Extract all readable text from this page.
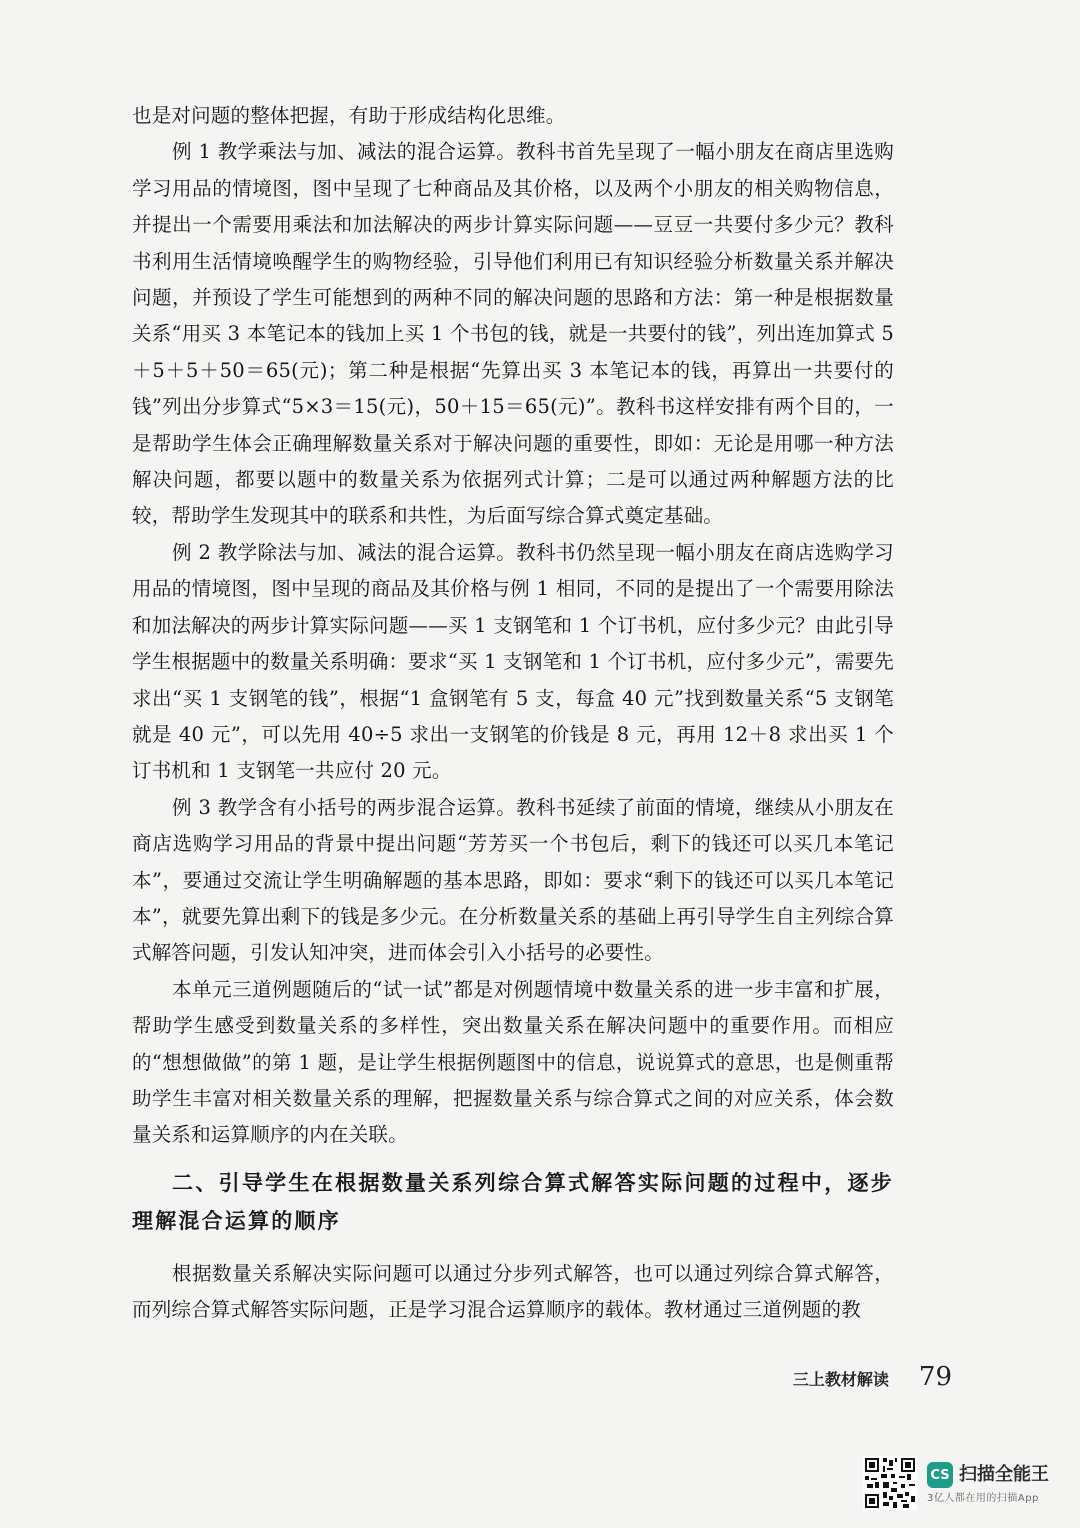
也是对问题的整体把握，有助于形成结构化思维。

例 1 教学乘法与加、减法的混合运算。教科书首先呈现了一幅小朋友在商店里选购学习用品的情境图，图中呈现了七种商品及其价格，以及两个小朋友的相关购物信息，并提出一个需要用乘法和加法解决的两步计算实际问题——豆豆一共要付多少元？教科书利用生活情境唤醒学生的购物经验，引导他们利用已有知识经验分析数量关系并解决问题，并预设了学生可能想到的两种不同的解决问题的思路和方法：第一种是根据数量关系“用买 3 本笔记本的钱加上买 1 个书包的钱，就是一共要付的钱”，列出连加算式 5＋5＋5＋50＝65(元)；第二种是根据“先算出买 3 本笔记本的钱，再算出一共要付的钱”列出分步算式“5×3＝15(元)，50＋15＝65(元)”。教科书这样安排有两个目的，一是帮助学生体会正确理解数量关系对于解决问题的重要性，即如：无论是用哪一种方法解决问题，都要以题中的数量关系为依据列式计算；二是可以通过两种解题方法的比较，帮助学生发现其中的联系和共性，为后面写综合算式奠定基础。

例 2 教学除法与加、减法的混合运算。教科书仍然呈现一幅小朋友在商店选购学习用品的情境图，图中呈现的商品及其价格与例 1 相同，不同的是提出了一个需要用除法和加法解决的两步计算实际问题——买 1 支钢笔和 1 个订书机，应付多少元？由此引导学生根据题中的数量关系明确：要求“买 1 支钢笔和 1 个订书机，应付多少元”，需要先求出“买 1 支钢笔的钱”，根据“1 盒钢笔有 5 支，每盒 40 元”找到数量关系“5 支钢笔就是 40 元”，可以先用 40÷5 求出一支钢笔的价钱是 8 元，再用 12＋8 求出买 1 个订书机和 1 支钢笔一共应付 20 元。

例 3 教学含有小括号的两步混合运算。教科书延续了前面的情境，继续从小朋友在商店选购学习用品的背景中提出问题“芳芳买一个书包后，剩下的钱还可以买几本笔记本”，要通过交流让学生明确解题的基本思路，即如：要求“剩下的钱还可以买几本笔记本”，就要先算出剩下的钱是多少元。在分析数量关系的基础上再引导学生自主列综合算式解答问题，引发认知冲突，进而体会引入小括号的必要性。

本单元三道例题随后的“试一试”都是对例题情境中数量关系的进一步丰富和扩展，帮助学生感受到数量关系的多样性，突出数量关系在解决问题中的重要作用。而相应的“想想做做”的第 1 题，是让学生根据例题图中的信息，说说算式的意思，也是侧重帮助学生丰富对相关数量关系的理解，把握数量关系与综合算式之间的对应关系，体会数量关系和运算顺序的内在关联。

二、引导学生在根据数量关系列综合算式解答实际问题的过程中，逐步理解混合运算的顺序

根据数量关系解决实际问题可以通过分步列式解答，也可以通过列综合算式解答，而列综合算式解答实际问题，正是学习混合运算顺序的载体。教材通过三道例题的教

三上教材解读 79
CS 扫描全能王
3亿人都在用的扫描App
